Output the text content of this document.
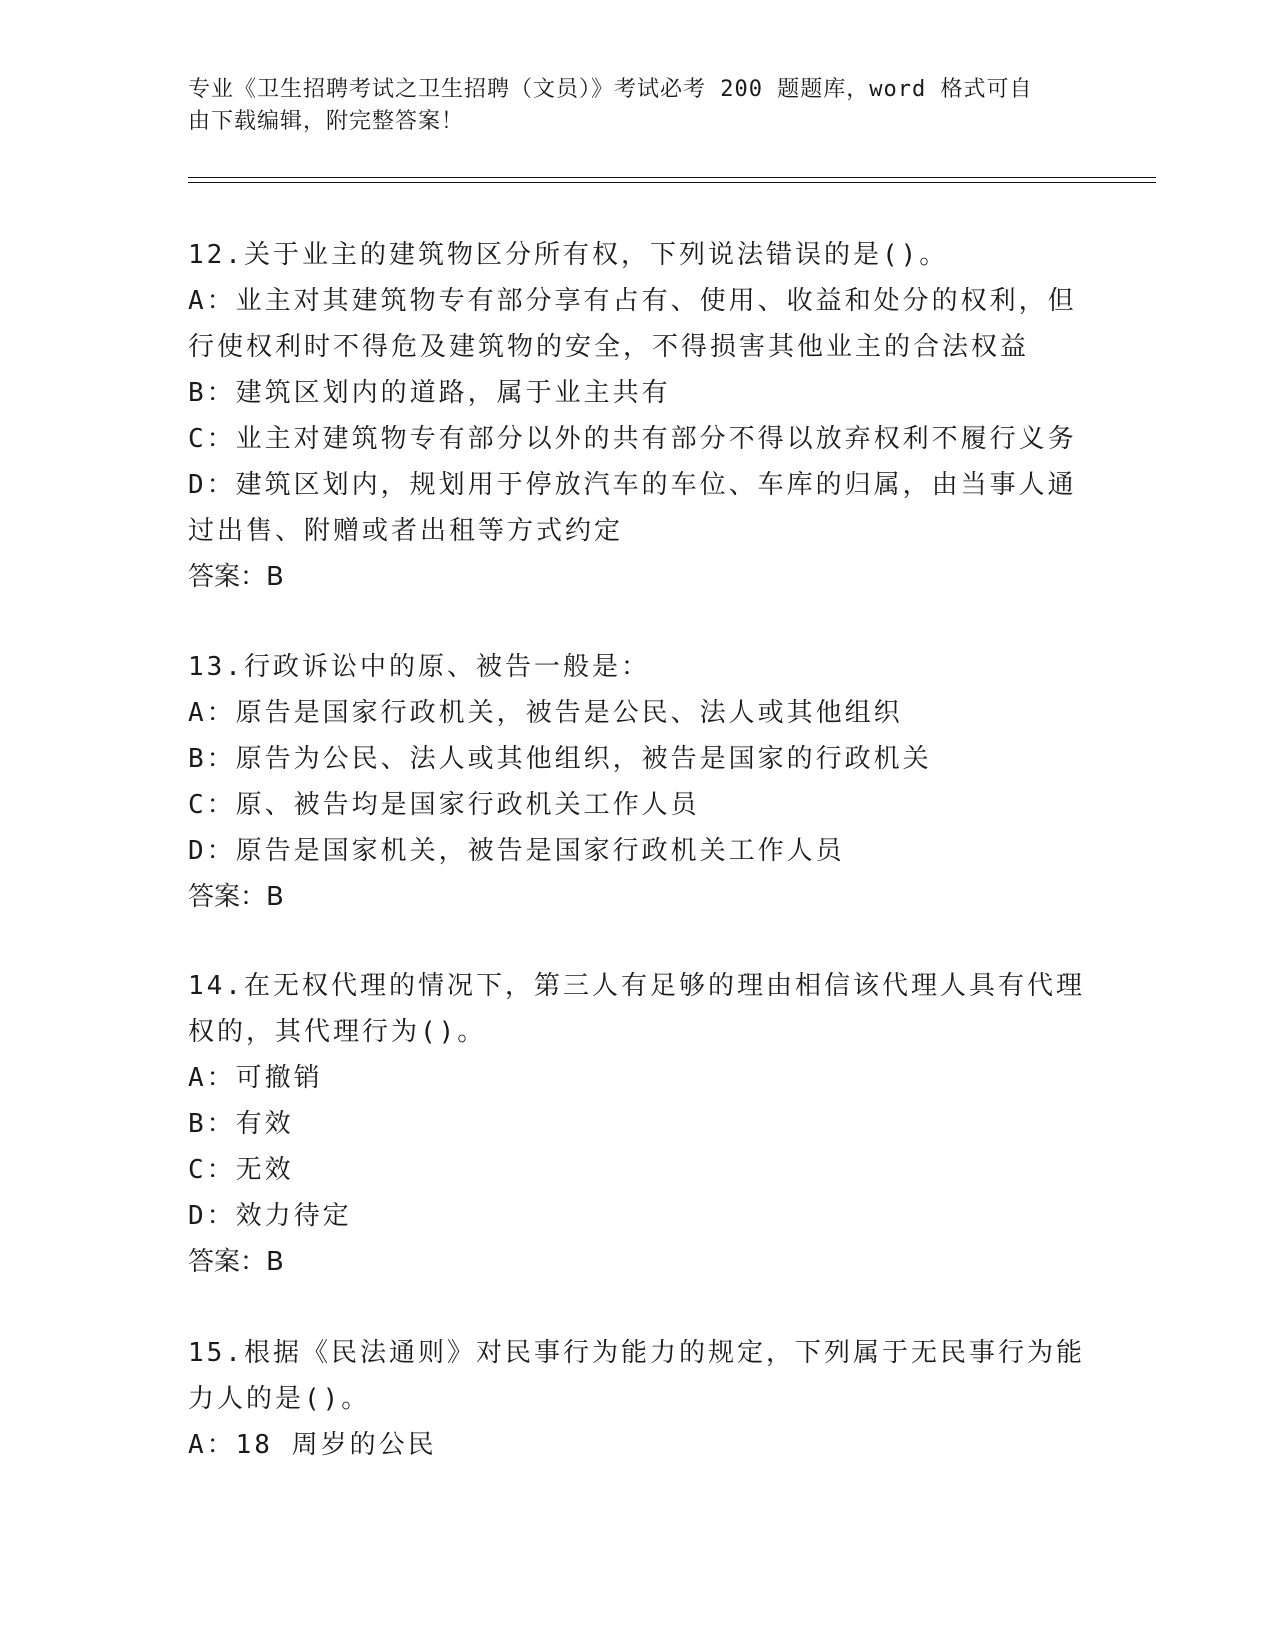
专业《卫生招聘考试之卫生招聘（文员）》考试必考 200 题题库，word 格式可自
由下载编辑，附完整答案！
12.关于业主的建筑物区分所有权，下列说法错误的是()。
A：业主对其建筑物专有部分享有占有、使用、收益和处分的权利，但
行使权利时不得危及建筑物的安全，不得损害其他业主的合法权益
B：建筑区划内的道路，属于业主共有
C：业主对建筑物专有部分以外的共有部分不得以放弃权利不履行义务
D：建筑区划内，规划用于停放汽车的车位、车库的归属，由当事人通
过出售、附赠或者出租等方式约定
答案：B
13.行政诉讼中的原、被告一般是：
A：原告是国家行政机关，被告是公民、法人或其他组织
B：原告为公民、法人或其他组织，被告是国家的行政机关
C：原、被告均是国家行政机关工作人员
D：原告是国家机关，被告是国家行政机关工作人员
答案：B
14.在无权代理的情况下，第三人有足够的理由相信该代理人具有代理
权的，其代理行为()。
A：可撤销
B：有效
C：无效
D：效力待定
答案：B
15.根据《民法通则》对民事行为能力的规定，下列属于无民事行为能
力人的是()。
A：18 周岁的公民
